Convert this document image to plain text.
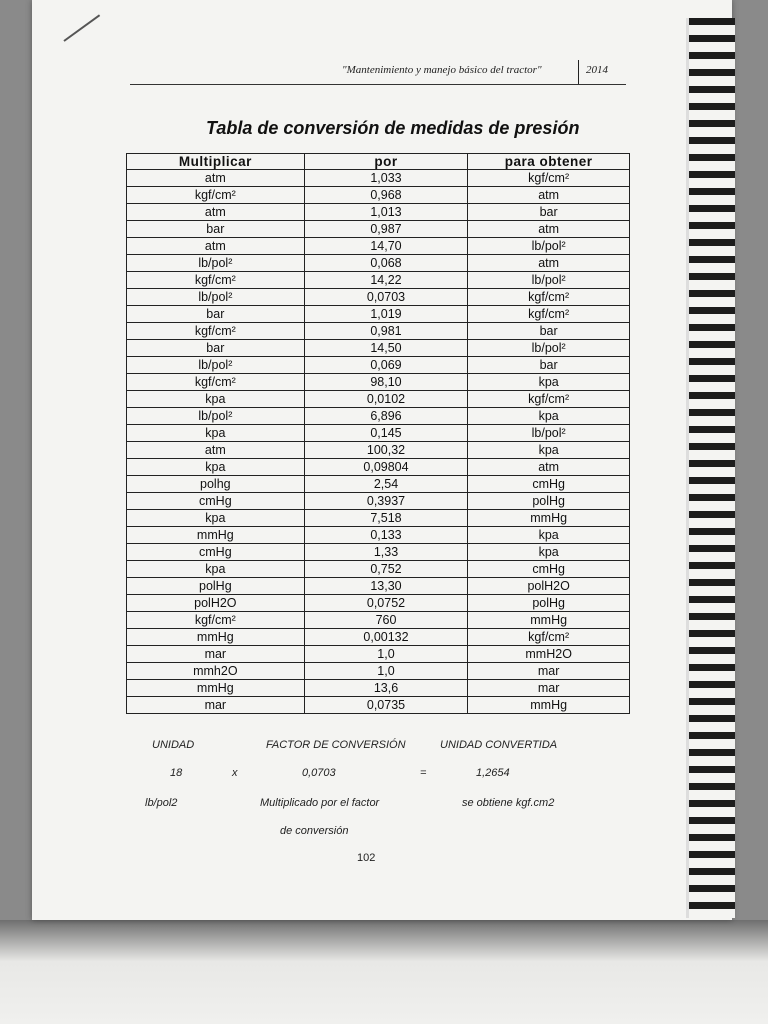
"Mantenimiento y manejo básico del tractor"	2014
Tabla de conversión de medidas de presión
Multiplicar	por	para obtener
atm	1,033	kgf/cm²
kgf/cm²	0,968	atm
atm	1,013	bar
bar	0,987	atm
atm	14,70	lb/pol²
lb/pol²	0,068	atm
kgf/cm²	14,22	lb/pol²
lb/pol²	0,0703	kgf/cm²
bar	1,019	kgf/cm²
kgf/cm²	0,981	bar
bar	14,50	lb/pol²
lb/pol²	0,069	bar
kgf/cm²	98,10	kpa
kpa	0,0102	kgf/cm²
lb/pol²	6,896	kpa
kpa	0,145	lb/pol²
atm	100,32	kpa
kpa	0,09804	atm
polhg	2,54	cmHg
cmHg	0,3937	polHg
kpa	7,518	mmHg
mmHg	0,133	kpa
cmHg	1,33	kpa
kpa	0,752	cmHg
polHg	13,30	polH2O
polH2O	0,0752	polHg
kgf/cm²	760	mmHg
mmHg	0,00132	kgf/cm²
mar	1,0	mmH2O
mmh2O	1,0	mar
mmHg	13,6	mar
mar	0,0735	mmHg
UNIDAD	FACTOR DE CONVERSIÓN	UNIDAD CONVERTIDA
18	x	0,0703	=	1,2654
lb/pol2	Multiplicado por el factor	se obtiene kgf.cm2
de conversión
102
